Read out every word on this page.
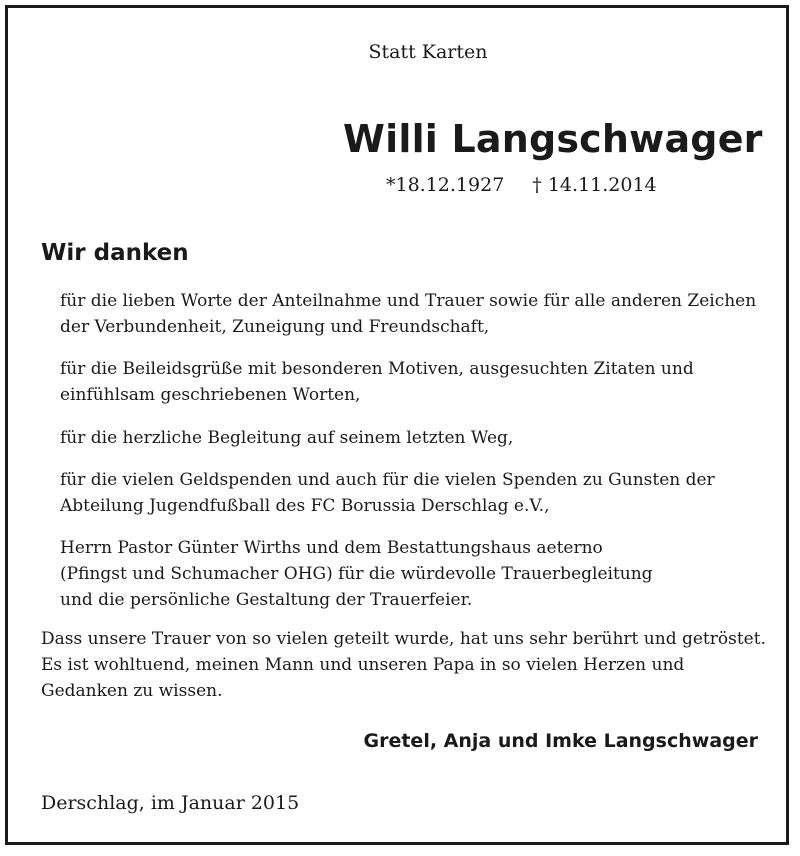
Statt Karten
Willi Langschwager
*18.12.1927 † 14.11.2014
Wir danken
für die lieben Worte der Anteilnahme und Trauer sowie für alle anderen Zeichen
der Verbundenheit, Zuneigung und Freundschaft,
für die Beileidsgrüße mit besonderen Motiven, ausgesuchten Zitaten und
einfühlsam geschriebenen Worten,
für die herzliche Begleitung auf seinem letzten Weg,
für die vielen Geldspenden und auch für die vielen Spenden zu Gunsten der
Abteilung Jugendfußball des FC Borussia Derschlag e.V.,
Herrn Pastor Günter Wirths und dem Bestattungshaus aeterno
(Pfingst und Schumacher OHG) für die würdevolle Trauerbegleitung
und die persönliche Gestaltung der Trauerfeier.
Dass unsere Trauer von so vielen geteilt wurde, hat uns sehr berührt und getröstet.
Es ist wohltuend, meinen Mann und unseren Papa in so vielen Herzen und
Gedanken zu wissen.
Gretel, Anja und Imke Langschwager
Derschlag, im Januar 2015
